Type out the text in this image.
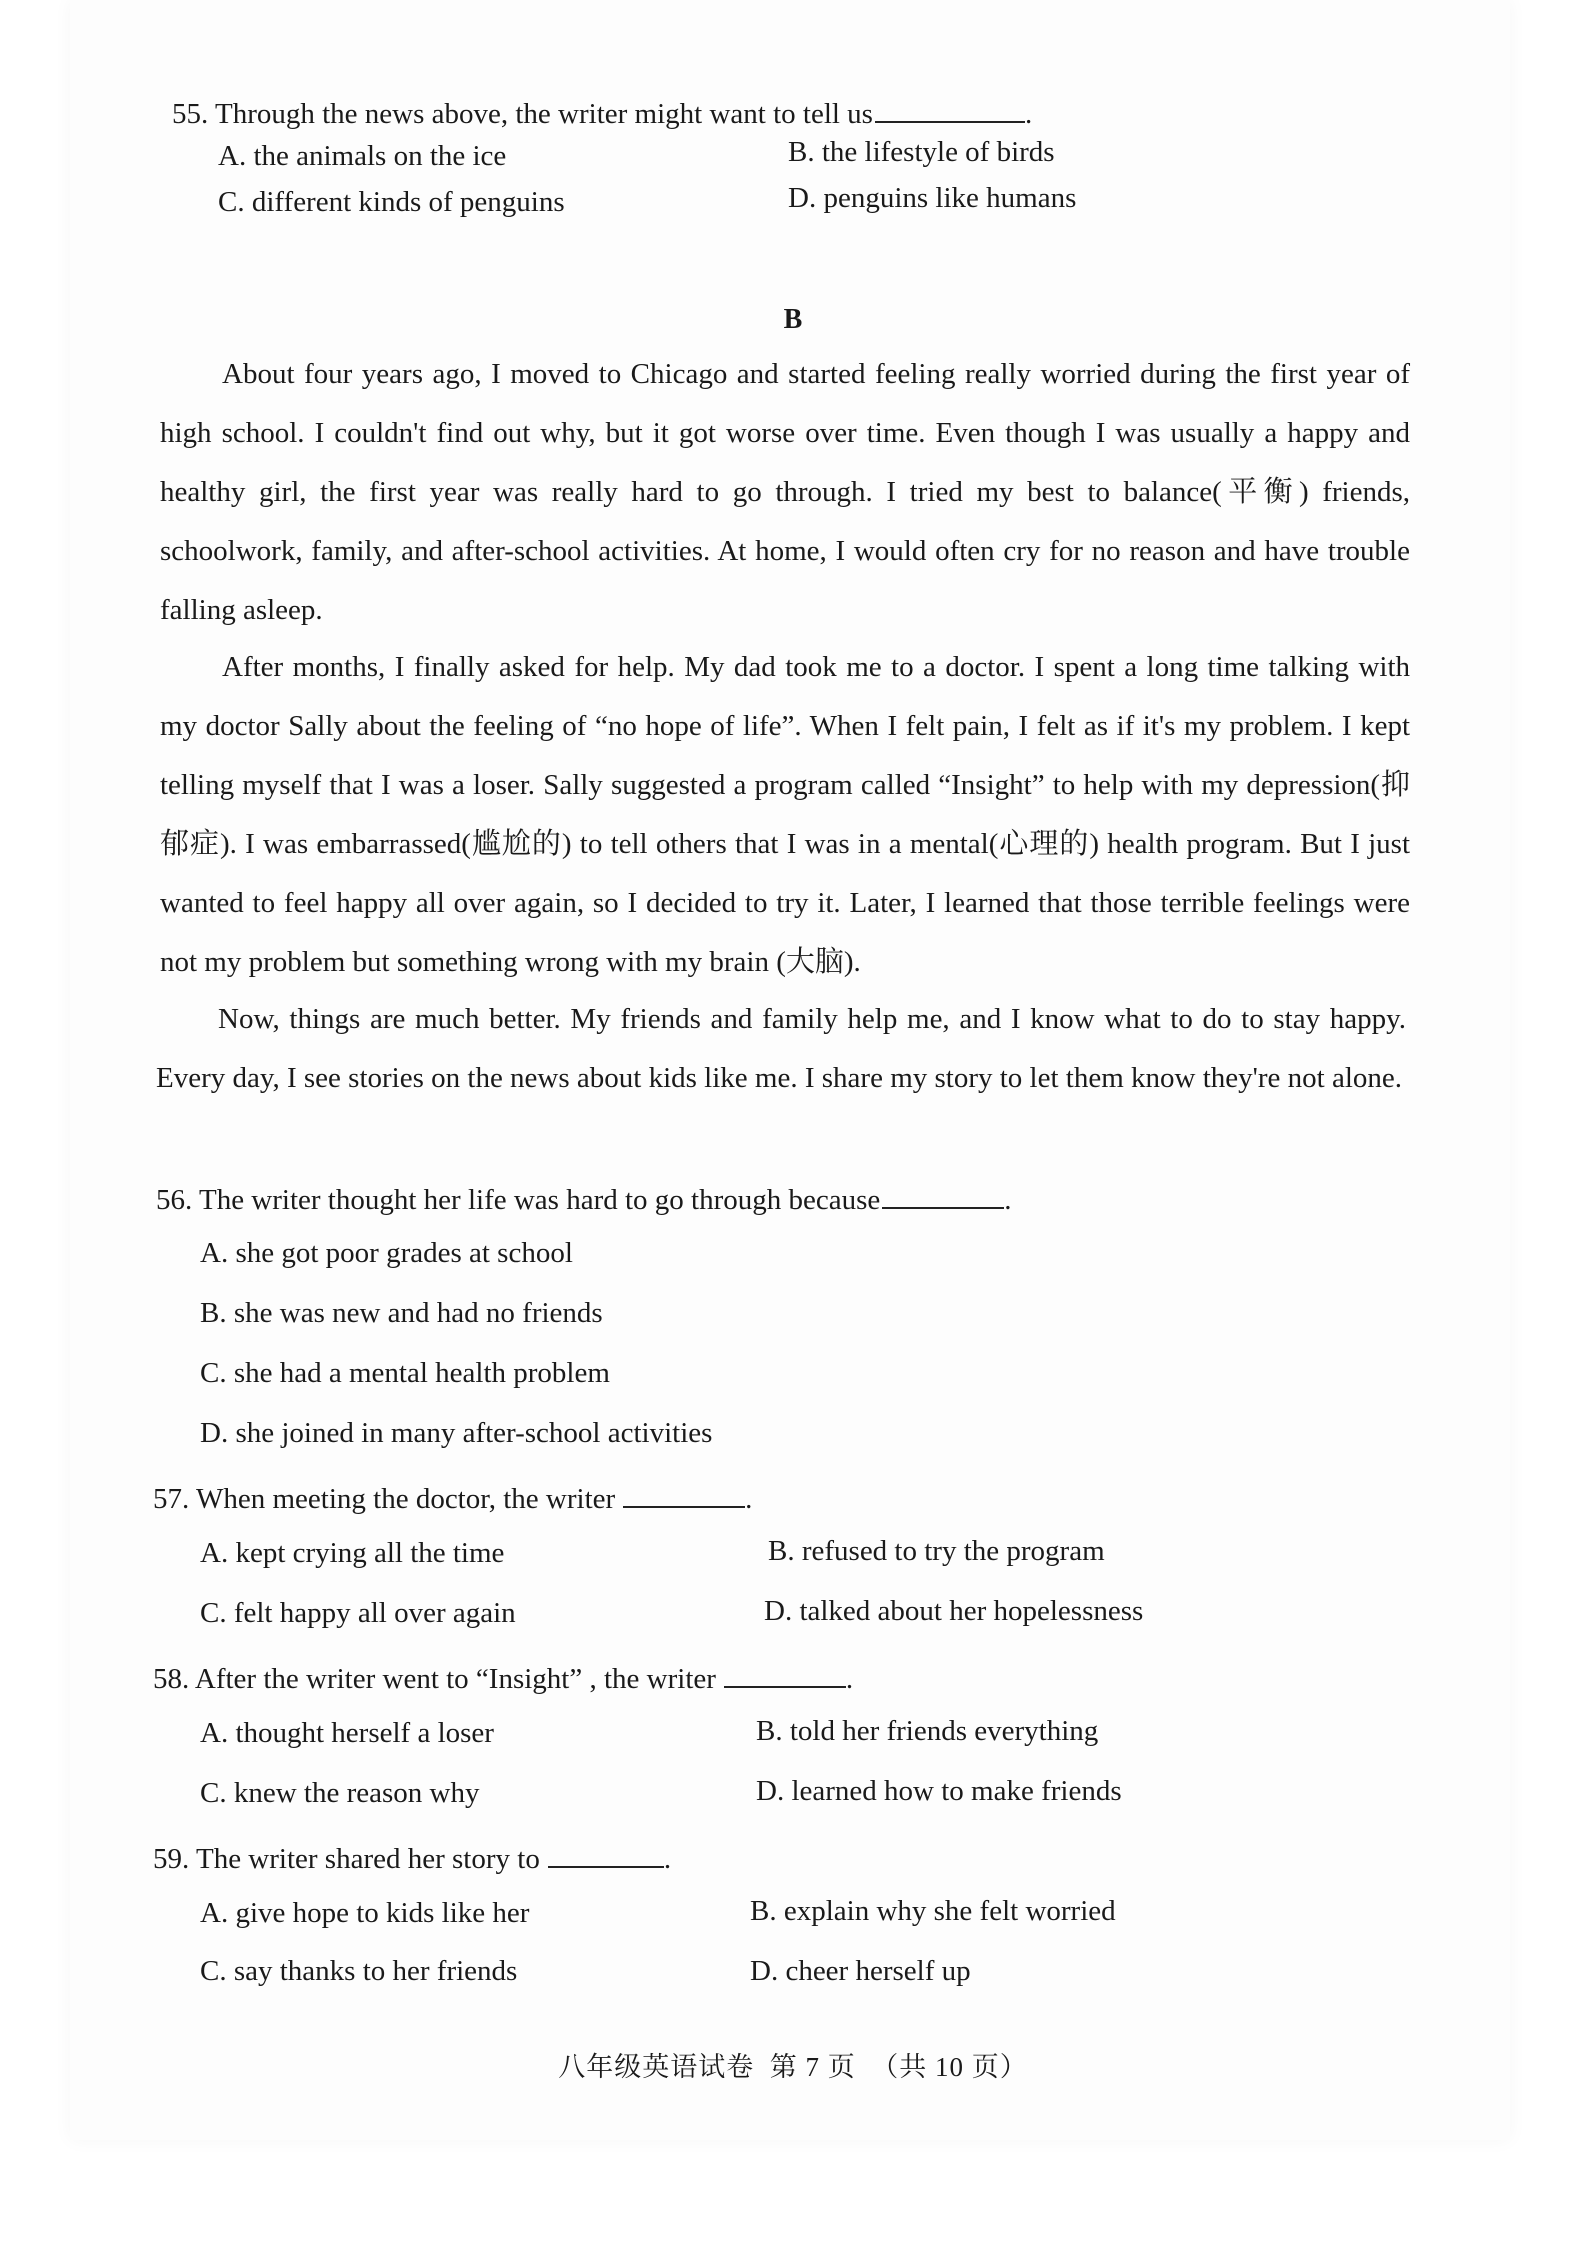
55. Through the news above, the writer might want to tell us	.
A. the animals on the ice	B. the lifestyle of birds
C. different kinds of penguins	D. penguins like humans
B

About four years ago, I moved to Chicago and started feeling really worried during the first year of high school. I couldn't find out why, but it got worse over time. Even though I was usually a happy and healthy girl, the first year was really hard to go through. I tried my best to balance(平衡) friends, schoolwork, family, and after-school activities. At home, I would often cry for no reason and have trouble falling asleep.

After months, I finally asked for help. My dad took me to a doctor. I spent a long time talking with my doctor Sally about the feeling of “no hope of life”. When I felt pain, I felt as if it's my problem. I kept telling myself that I was a loser. Sally suggested a program called “Insight” to help with my depression(抑郁症). I was embarrassed(尴尬的) to tell others that I was in a mental(心理的) health program. But I just wanted to feel happy all over again, so I decided to try it. Later, I learned that those terrible feelings were not my problem but something wrong with my brain (大脑).

Now, things are much better. My friends and family help me, and I know what to do to stay happy. Every day, I see stories on the news about kids like me. I share my story to let them know they're not alone.

56. The writer thought her life was hard to go through because	.
A. she got poor grades at school
B. she was new and had no friends
C. she had a mental health problem
D. she joined in many after-school activities
57. When meeting the doctor, the writer	.
A. kept crying all the time	B. refused to try the program
C. felt happy all over again	D. talked about her hopelessness
58. After the writer went to “Insight” , the writer	.
A. thought herself a loser	B. told her friends everything
C. knew the reason why	D. learned how to make friends
59. The writer shared her story to	.
A. give hope to kids like her	B. explain why she felt worried
C. say thanks to her friends	D. cheer herself up
八年级英语试卷  第 7 页  （共 10 页）
